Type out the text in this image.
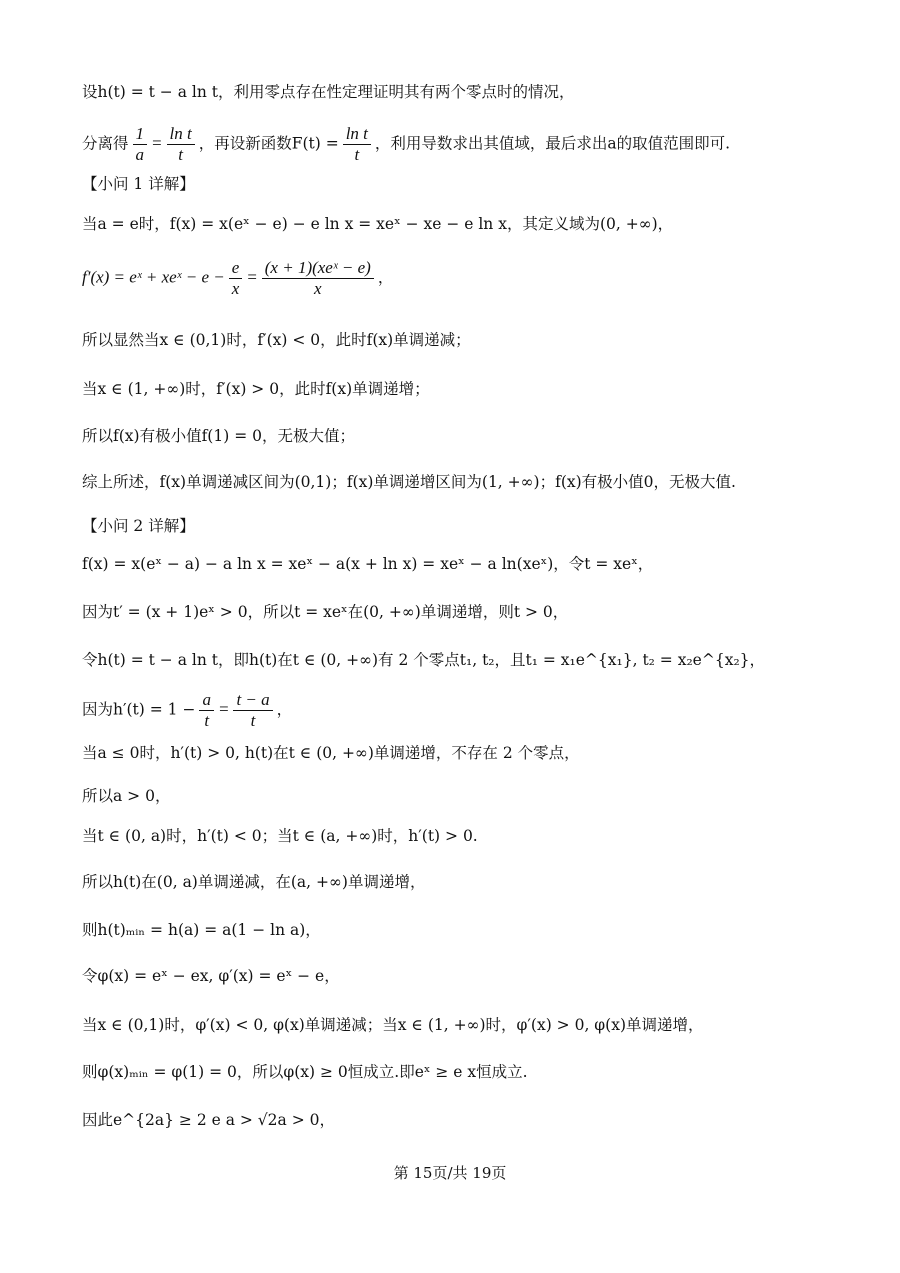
设h(t) = t − a ln t，利用零点存在性定理证明其有两个零点时的情况，
分离得 $\frac{1}{a} = \frac{\text{ln t}}{t}$ ，再设新函数$F(t) = \frac{\text{ln t}}{t}$ ，利用导数求出其值域，最后求出a的取值范围即可.
【小问 1 详解】
当a = e时，f(x) = x(eˣ − e) − e ln x = xeˣ − xe − e ln x，其定义域为(0, +∞)，
f′(x) = eˣ + xeˣ − $e - \frac{e}{x} = \frac{\text{(x + 1)(xeˣ − e)}}{x}$ ，
所以显然当x ∈ (0,1)时，f′(x) < 0，此时f(x)单调递减；
当x ∈ (1, +∞)时，f′(x) > 0，此时f(x)单调递增；
所以f(x)有极小值f(1) = 0，无极大值；
综上所述，f(x)单调递减区间为(0,1)；f(x)单调递增区间为(1, +∞)；f(x)有极小值0，无极大值.
【小问 2 详解】
f(x) = x(eˣ − a) − a ln x = xeˣ − a(x + ln x) = xeˣ − a ln(xeˣ)，令t = xeˣ，
因为t′ = (x + 1)eˣ > 0，所以t = xeˣ在(0, +∞)单调递增，则t > 0，
令h(t) = t − a ln t，即h(t)在t ∈ (0, +∞)有 2 个零点t₁, t₂，且t₁ = x₁e^{x₁}, t₂ = x₂e^{x₂}，
因为$h'(t) = 1 - \frac{a}{t} = \frac{t - a}{t}$ ，
当a ≤ 0时，h′(t) > 0, h(t)在t ∈ (0, +∞)单调递增，不存在 2 个零点，
所以a > 0，
当t ∈ (0, a)时，h′(t) < 0；当t ∈ (a, +∞)时，h′(t) > 0.
所以h(t)在(0, a)单调递减，在(a, +∞)单调递增，
则h(t)ₘᵢₙ = h(a) = a(1 − ln a)，
令φ(x) = eˣ − ex, φ′(x) = eˣ − e，
当x ∈ (0,1)时，φ′(x) < 0, φ(x)单调递减；当x ∈ (1, +∞)时，φ′(x) > 0, φ(x)单调递增，
则φ(x)ₘᵢₙ = φ(1) = 0，所以φ(x) ≥ 0恒成立.即eˣ ≥ e x恒成立.
因此e^{2a} ≥ 2 e a > √2a > 0，
第 15页/共 19页
